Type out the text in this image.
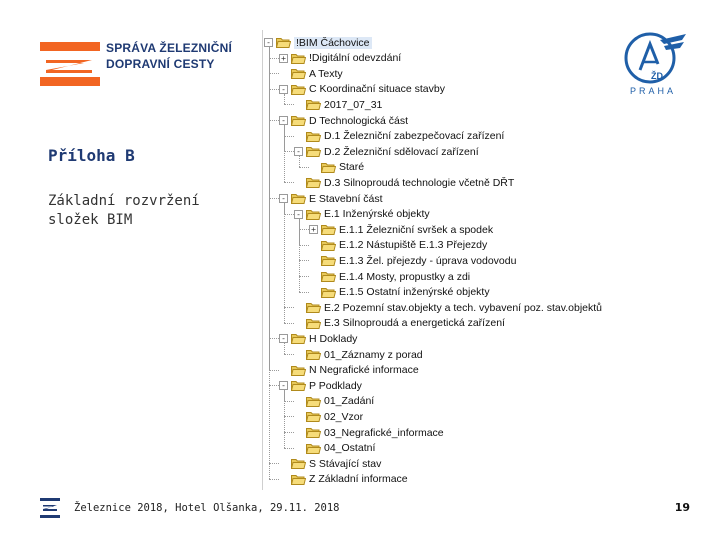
SPRÁVA ŽELEZNIČNÍ
DOPRAVNÍ CESTY
ŽD
PRAHA
Příloha B
Základní rozvržení složek BIM
- !BIM Čáchovice
+ !Digitální odevzdání
A Texty
- C Koordinační situace stavby
2017_07_31
- D Technologická část
D.1 Železniční zabezpečovací zařízení
- D.2 Železniční sdělovací zařízení
Staré
D.3 Silnoproudá technologie včetně DŘT
- E Stavební část
- E.1 Inženýrské objekty
+ E.1.1 Železniční svršek a spodek
E.1.2 Nástupiště E.1.3 Přejezdy
E.1.3 Žel. přejezdy - úprava vodovodu
E.1.4 Mosty, propustky a zdi
E.1.5 Ostatní inženýrské objekty
E.2 Pozemní stav.objekty a tech. vybavení poz. stav.objektů
E.3 Silnoproudá a energetická zařízení
- H Doklady
01_Záznamy z porad
N Negrafické informace
- P Podklady
01_Zadání
02_Vzor
03_Negrafické_informace
04_Ostatní
S Stávající stav
Z Základní informace
Železnice 2018, Hotel Olšanka, 29.11. 2018	19
